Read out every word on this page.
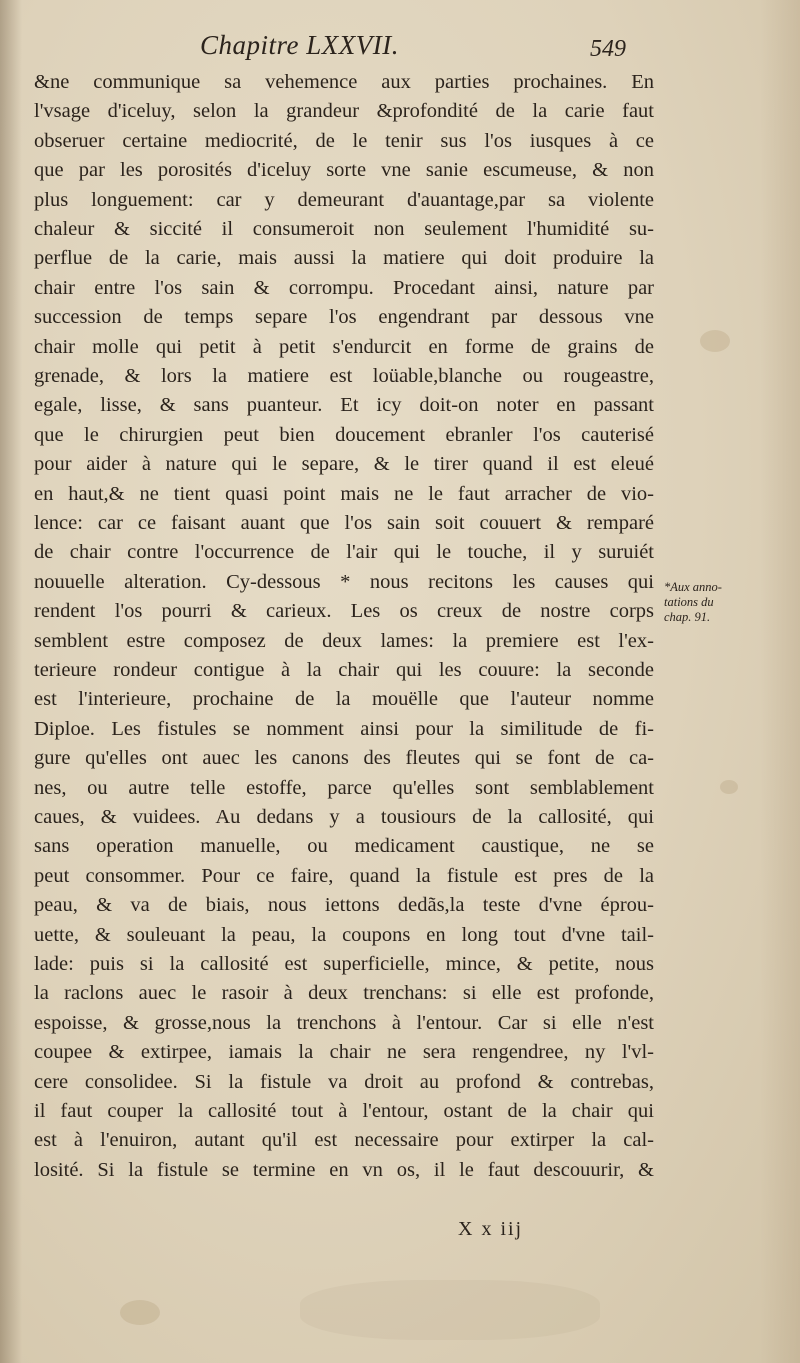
Chapitre LXXVII.	549
&ne communique sa vehemence aux parties prochaines. En
l'vsage d'iceluy, selon la grandeur &profondité de la carie faut
obseruer certaine mediocrité, de le tenir sus l'os iusques à ce
que par les porosités d'iceluy sorte vne sanie escumeuse, & non
plus longuement: car y demeurant d'auantage,par sa violente
chaleur & siccité il consumeroit non seulement l'humidité su-
perflue de la carie, mais aussi la matiere qui doit produire la
chair entre l'os sain & corrompu. Procedant ainsi, nature par
succession de temps separe l'os engendrant par dessous vne
chair molle qui petit à petit s'endurcit en forme de grains de
grenade, & lors la matiere est loüable,blanche ou rougeastre,
egale, lisse, & sans puanteur. Et icy doit-on noter en passant
que le chirurgien peut bien doucement ebranler l'os cauterisé
pour aider à nature qui le separe, & le tirer quand il est eleué
en haut,& ne tient quasi point mais ne le faut arracher de vio-
lence: car ce faisant auant que l'os sain soit couuert & remparé
de chair contre l'occurrence de l'air qui le touche, il y suruiét
nouuelle alteration. Cy-dessous * nous recitons les causes qui
rendent l'os pourri & carieux. Les os creux de nostre corps
semblent estre composez de deux lames: la premiere est l'ex-
terieure rondeur contigue à la chair qui les couure: la seconde
est l'interieure, prochaine de la mouëlle que l'auteur nomme
Diploe. Les fistules se nomment ainsi pour la similitude de fi-
gure qu'elles ont auec les canons des fleutes qui se font de ca-
nes, ou autre telle estoffe, parce qu'elles sont semblablement
caues, & vuidees. Au dedans y a tousiours de la callosité, qui
sans operation manuelle, ou medicament caustique, ne se
peut consommer. Pour ce faire, quand la fistule est pres de la
peau, & va de biais, nous iettons dedãs,la teste d'vne éprou-
uette, & souleuant la peau, la coupons en long tout d'vne tail-
lade: puis si la callosité est superficielle, mince, & petite, nous
la raclons auec le rasoir à deux trenchans: si elle est profonde,
espoisse, & grosse,nous la trenchons à l'entour. Car si elle n'est
coupee & extirpee, iamais la chair ne sera rengendree, ny l'vl-
cere consolidee. Si la fistule va droit au profond & contrebas,
il faut couper la callosité tout à l'entour, ostant de la chair qui
est à l'enuiron, autant qu'il est necessaire pour extirper la cal-
losité. Si la fistule se termine en vn os, il le faut descouurir, &
*Aux anno-
tations du
chap. 91.
X x iij
